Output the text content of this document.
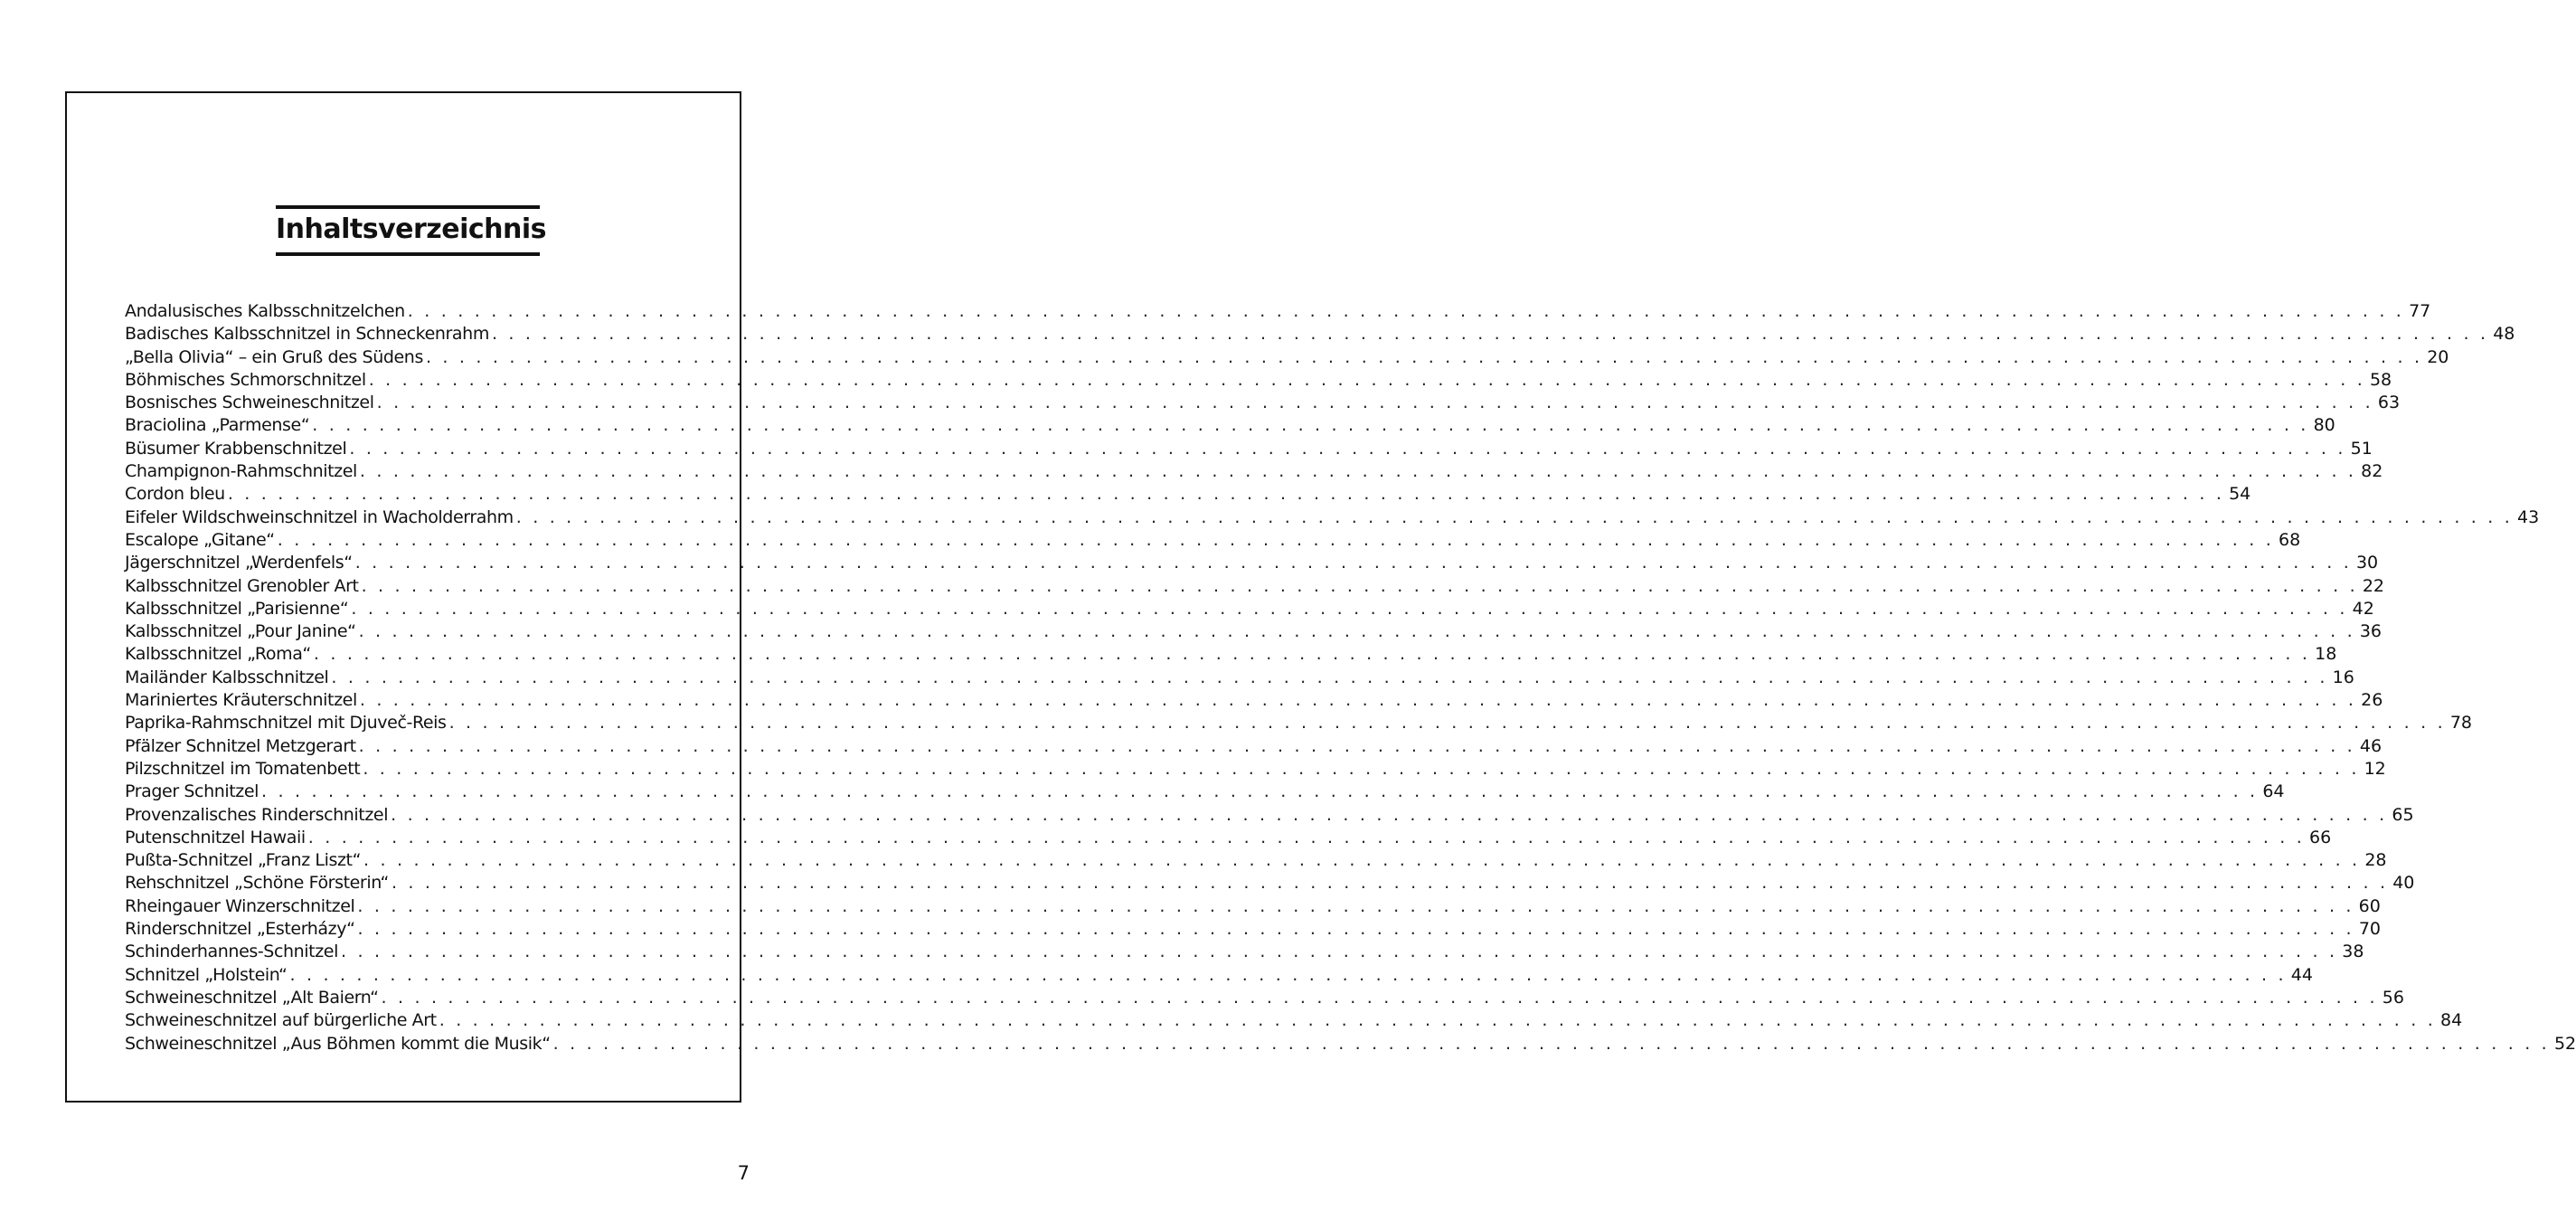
Inhaltsverzeichnis
Andalusisches Kalbsschnitzelchen . . . . . . . . . . . . . . . . . . . . . . . . . . . . . . . . . . . . . . . . . . . . . . . . . . . . . . . . . . . . . . . . . . . . . . . . . . . . . . . . . . . . . . . . . . . . . . . . . . . . . . . . . . . . . . . . . . . . . . . . 77
Badisches Kalbsschnitzel in Schneckenrahm . . . . . . . . . . . . . . . . . . . . . . . . . . . . . . . . . . . . . . . . . . . . . . . . . . . . . . . . . . . . . . . . . . . . . . . . . . . . . . . . . . . . . . . . . . . . . . . . . . . . . . . . . . . . . . . . . . . . . . . . 48
„Bella Olivia“ – ein Gruß des Südens . . . . . . . . . . . . . . . . . . . . . . . . . . . . . . . . . . . . . . . . . . . . . . . . . . . . . . . . . . . . . . . . . . . . . . . . . . . . . . . . . . . . . . . . . . . . . . . . . . . . . . . . . . . . . . . . . . . . . . . . 20
Böhmisches Schmorschnitzel . . . . . . . . . . . . . . . . . . . . . . . . . . . . . . . . . . . . . . . . . . . . . . . . . . . . . . . . . . . . . . . . . . . . . . . . . . . . . . . . . . . . . . . . . . . . . . . . . . . . . . . . . . . . . . . . . . . . . . . . 58
Bosnisches Schweineschnitzel . . . . . . . . . . . . . . . . . . . . . . . . . . . . . . . . . . . . . . . . . . . . . . . . . . . . . . . . . . . . . . . . . . . . . . . . . . . . . . . . . . . . . . . . . . . . . . . . . . . . . . . . . . . . . . . . . . . . . . . . 63
Braciolina „Parmense“ . . . . . . . . . . . . . . . . . . . . . . . . . . . . . . . . . . . . . . . . . . . . . . . . . . . . . . . . . . . . . . . . . . . . . . . . . . . . . . . . . . . . . . . . . . . . . . . . . . . . . . . . . . . . . . . . . . . . . . . . 80
Büsumer Krabbenschnitzel . . . . . . . . . . . . . . . . . . . . . . . . . . . . . . . . . . . . . . . . . . . . . . . . . . . . . . . . . . . . . . . . . . . . . . . . . . . . . . . . . . . . . . . . . . . . . . . . . . . . . . . . . . . . . . . . . . . . . . . . 51
Champignon-Rahmschnitzel . . . . . . . . . . . . . . . . . . . . . . . . . . . . . . . . . . . . . . . . . . . . . . . . . . . . . . . . . . . . . . . . . . . . . . . . . . . . . . . . . . . . . . . . . . . . . . . . . . . . . . . . . . . . . . . . . . . . . . . . 82
Cordon bleu . . . . . . . . . . . . . . . . . . . . . . . . . . . . . . . . . . . . . . . . . . . . . . . . . . . . . . . . . . . . . . . . . . . . . . . . . . . . . . . . . . . . . . . . . . . . . . . . . . . . . . . . . . . . . . . . . . . . . . . . 54
Eifeler Wildschweinschnitzel in Wacholderrahm . . . . . . . . . . . . . . . . . . . . . . . . . . . . . . . . . . . . . . . . . . . . . . . . . . . . . . . . . . . . . . . . . . . . . . . . . . . . . . . . . . . . . . . . . . . . . . . . . . . . . . . . . . . . . . . . . . . . . . . . 43
Escalope „Gitane“ . . . . . . . . . . . . . . . . . . . . . . . . . . . . . . . . . . . . . . . . . . . . . . . . . . . . . . . . . . . . . . . . . . . . . . . . . . . . . . . . . . . . . . . . . . . . . . . . . . . . . . . . . . . . . . . . . . . . . . . . 68
Jägerschnitzel „Werdenfels“ . . . . . . . . . . . . . . . . . . . . . . . . . . . . . . . . . . . . . . . . . . . . . . . . . . . . . . . . . . . . . . . . . . . . . . . . . . . . . . . . . . . . . . . . . . . . . . . . . . . . . . . . . . . . . . . . . . . . . . . . 30
Kalbsschnitzel Grenobler Art . . . . . . . . . . . . . . . . . . . . . . . . . . . . . . . . . . . . . . . . . . . . . . . . . . . . . . . . . . . . . . . . . . . . . . . . . . . . . . . . . . . . . . . . . . . . . . . . . . . . . . . . . . . . . . . . . . . . . . . . 22
Kalbsschnitzel „Parisienne“ . . . . . . . . . . . . . . . . . . . . . . . . . . . . . . . . . . . . . . . . . . . . . . . . . . . . . . . . . . . . . . . . . . . . . . . . . . . . . . . . . . . . . . . . . . . . . . . . . . . . . . . . . . . . . . . . . . . . . . . . 42
Kalbsschnitzel „Pour Janine“ . . . . . . . . . . . . . . . . . . . . . . . . . . . . . . . . . . . . . . . . . . . . . . . . . . . . . . . . . . . . . . . . . . . . . . . . . . . . . . . . . . . . . . . . . . . . . . . . . . . . . . . . . . . . . . . . . . . . . . . . 36
Kalbsschnitzel „Roma“ . . . . . . . . . . . . . . . . . . . . . . . . . . . . . . . . . . . . . . . . . . . . . . . . . . . . . . . . . . . . . . . . . . . . . . . . . . . . . . . . . . . . . . . . . . . . . . . . . . . . . . . . . . . . . . . . . . . . . . . . 18
Mailänder Kalbsschnitzel . . . . . . . . . . . . . . . . . . . . . . . . . . . . . . . . . . . . . . . . . . . . . . . . . . . . . . . . . . . . . . . . . . . . . . . . . . . . . . . . . . . . . . . . . . . . . . . . . . . . . . . . . . . . . . . . . . . . . . . . 16
Mariniertes Kräuterschnitzel . . . . . . . . . . . . . . . . . . . . . . . . . . . . . . . . . . . . . . . . . . . . . . . . . . . . . . . . . . . . . . . . . . . . . . . . . . . . . . . . . . . . . . . . . . . . . . . . . . . . . . . . . . . . . . . . . . . . . . . . 26
Paprika-Rahmschnitzel mit Djuveč-Reis . . . . . . . . . . . . . . . . . . . . . . . . . . . . . . . . . . . . . . . . . . . . . . . . . . . . . . . . . . . . . . . . . . . . . . . . . . . . . . . . . . . . . . . . . . . . . . . . . . . . . . . . . . . . . . . . . . . . . . . . 78
Pfälzer Schnitzel Metzgerart . . . . . . . . . . . . . . . . . . . . . . . . . . . . . . . . . . . . . . . . . . . . . . . . . . . . . . . . . . . . . . . . . . . . . . . . . . . . . . . . . . . . . . . . . . . . . . . . . . . . . . . . . . . . . . . . . . . . . . . . 46
Pilzschnitzel im Tomatenbett . . . . . . . . . . . . . . . . . . . . . . . . . . . . . . . . . . . . . . . . . . . . . . . . . . . . . . . . . . . . . . . . . . . . . . . . . . . . . . . . . . . . . . . . . . . . . . . . . . . . . . . . . . . . . . . . . . . . . . . . 12
Prager Schnitzel . . . . . . . . . . . . . . . . . . . . . . . . . . . . . . . . . . . . . . . . . . . . . . . . . . . . . . . . . . . . . . . . . . . . . . . . . . . . . . . . . . . . . . . . . . . . . . . . . . . . . . . . . . . . . . . . . . . . . . . . 64
Provenzalisches Rinderschnitzel . . . . . . . . . . . . . . . . . . . . . . . . . . . . . . . . . . . . . . . . . . . . . . . . . . . . . . . . . . . . . . . . . . . . . . . . . . . . . . . . . . . . . . . . . . . . . . . . . . . . . . . . . . . . . . . . . . . . . . . . 65
Putenschnitzel Hawaii . . . . . . . . . . . . . . . . . . . . . . . . . . . . . . . . . . . . . . . . . . . . . . . . . . . . . . . . . . . . . . . . . . . . . . . . . . . . . . . . . . . . . . . . . . . . . . . . . . . . . . . . . . . . . . . . . . . . . . . . 66
Pußta-Schnitzel „Franz Liszt“ . . . . . . . . . . . . . . . . . . . . . . . . . . . . . . . . . . . . . . . . . . . . . . . . . . . . . . . . . . . . . . . . . . . . . . . . . . . . . . . . . . . . . . . . . . . . . . . . . . . . . . . . . . . . . . . . . . . . . . . . 28
Rehschnitzel „Schöne Försterin“ . . . . . . . . . . . . . . . . . . . . . . . . . . . . . . . . . . . . . . . . . . . . . . . . . . . . . . . . . . . . . . . . . . . . . . . . . . . . . . . . . . . . . . . . . . . . . . . . . . . . . . . . . . . . . . . . . . . . . . . . 40
Rheingauer Winzerschnitzel . . . . . . . . . . . . . . . . . . . . . . . . . . . . . . . . . . . . . . . . . . . . . . . . . . . . . . . . . . . . . . . . . . . . . . . . . . . . . . . . . . . . . . . . . . . . . . . . . . . . . . . . . . . . . . . . . . . . . . . . 60
Rinderschnitzel „Esterházy“ . . . . . . . . . . . . . . . . . . . . . . . . . . . . . . . . . . . . . . . . . . . . . . . . . . . . . . . . . . . . . . . . . . . . . . . . . . . . . . . . . . . . . . . . . . . . . . . . . . . . . . . . . . . . . . . . . . . . . . . . 70
Schinderhannes-Schnitzel . . . . . . . . . . . . . . . . . . . . . . . . . . . . . . . . . . . . . . . . . . . . . . . . . . . . . . . . . . . . . . . . . . . . . . . . . . . . . . . . . . . . . . . . . . . . . . . . . . . . . . . . . . . . . . . . . . . . . . . . 38
Schnitzel „Holstein“ . . . . . . . . . . . . . . . . . . . . . . . . . . . . . . . . . . . . . . . . . . . . . . . . . . . . . . . . . . . . . . . . . . . . . . . . . . . . . . . . . . . . . . . . . . . . . . . . . . . . . . . . . . . . . . . . . . . . . . . . 44
Schweineschnitzel „Alt Baiern“ . . . . . . . . . . . . . . . . . . . . . . . . . . . . . . . . . . . . . . . . . . . . . . . . . . . . . . . . . . . . . . . . . . . . . . . . . . . . . . . . . . . . . . . . . . . . . . . . . . . . . . . . . . . . . . . . . . . . . . . . 56
Schweineschnitzel auf bürgerliche Art . . . . . . . . . . . . . . . . . . . . . . . . . . . . . . . . . . . . . . . . . . . . . . . . . . . . . . . . . . . . . . . . . . . . . . . . . . . . . . . . . . . . . . . . . . . . . . . . . . . . . . . . . . . . . . . . . . . . . . . . 84
Schweineschnitzel „Aus Böhmen kommt die Musik“ . . . . . . . . . . . . . . . . . . . . . . . . . . . . . . . . . . . . . . . . . . . . . . . . . . . . . . . . . . . . . . . . . . . . . . . . . . . . . . . . . . . . . . . . . . . . . . . . . . . . . . . . . . . . . . . . . . . . . . . . 52
7
